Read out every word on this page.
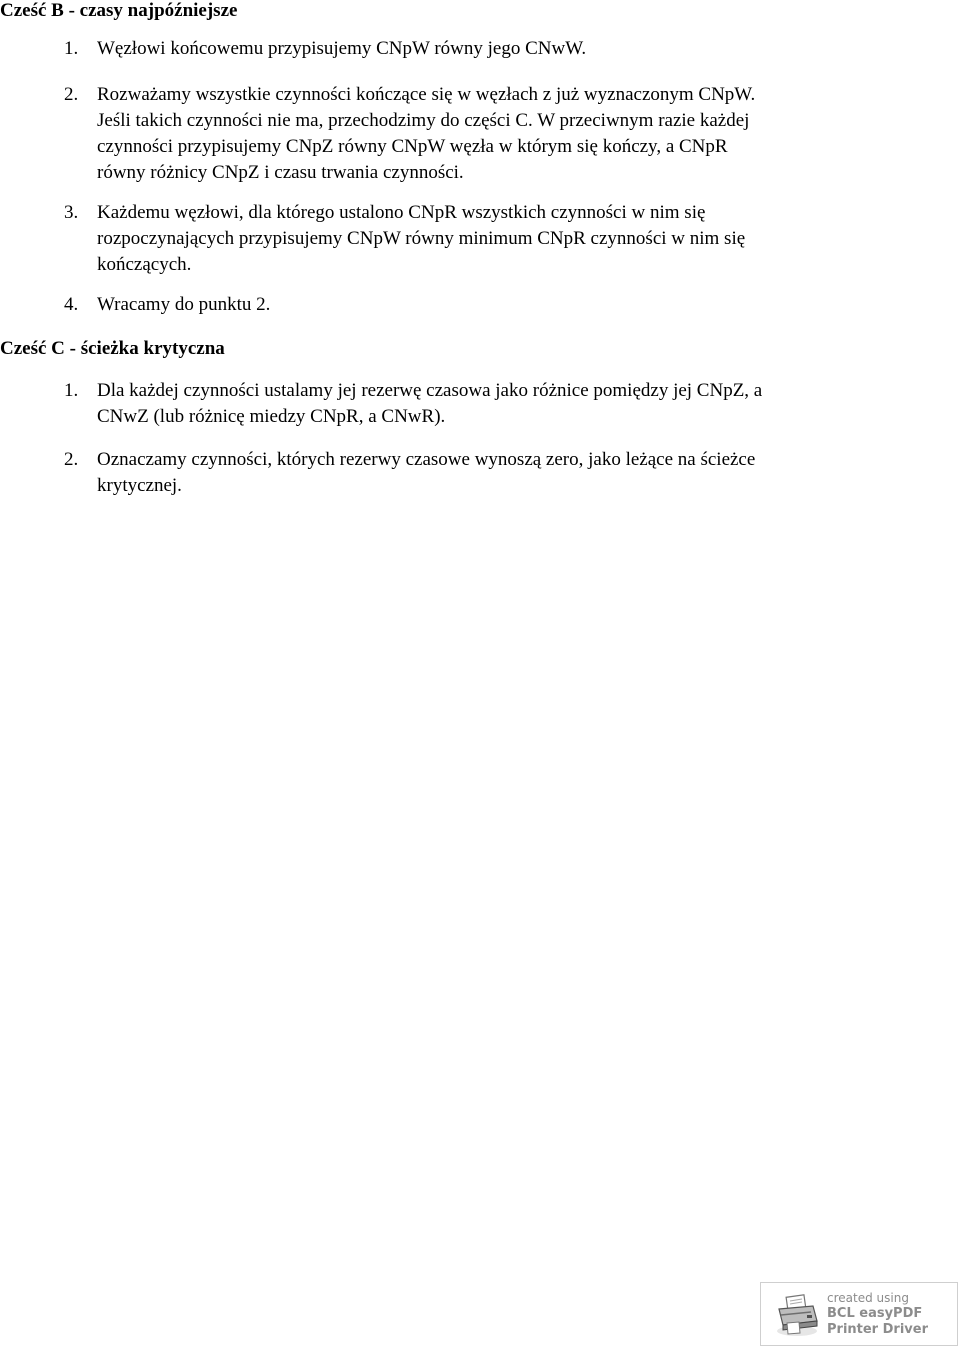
Cześć B - czasy najpóźniejsze
1. Węzłowi końcowemu przypisujemy CNpW równy jego CNwW.
2. Rozważamy wszystkie czynności kończące się w węzłach z już wyznaczonym CNpW.
Jeśli takich czynności nie ma, przechodzimy do części C. W przeciwnym razie każdej
czynności przypisujemy CNpZ równy CNpW węzła w którym się kończy, a CNpR
równy różnicy CNpZ i czasu trwania czynności.
3. Każdemu węzłowi, dla którego ustalono CNpR wszystkich czynności w nim się
rozpoczynających przypisujemy CNpW równy minimum CNpR czynności w nim się
kończących.
4. Wracamy do punktu 2.
Cześć C - ścieżka krytyczna
1. Dla każdej czynności ustalamy jej rezerwę czasowa jako różnice pomiędzy jej CNpZ, a
CNwZ (lub różnicę miedzy CNpR, a CNwR).
2. Oznaczamy czynności, których rezerwy czasowe wynoszą zero, jako leżące na ścieżce
krytycznej.
created using
BCL easyPDF
Printer Driver
